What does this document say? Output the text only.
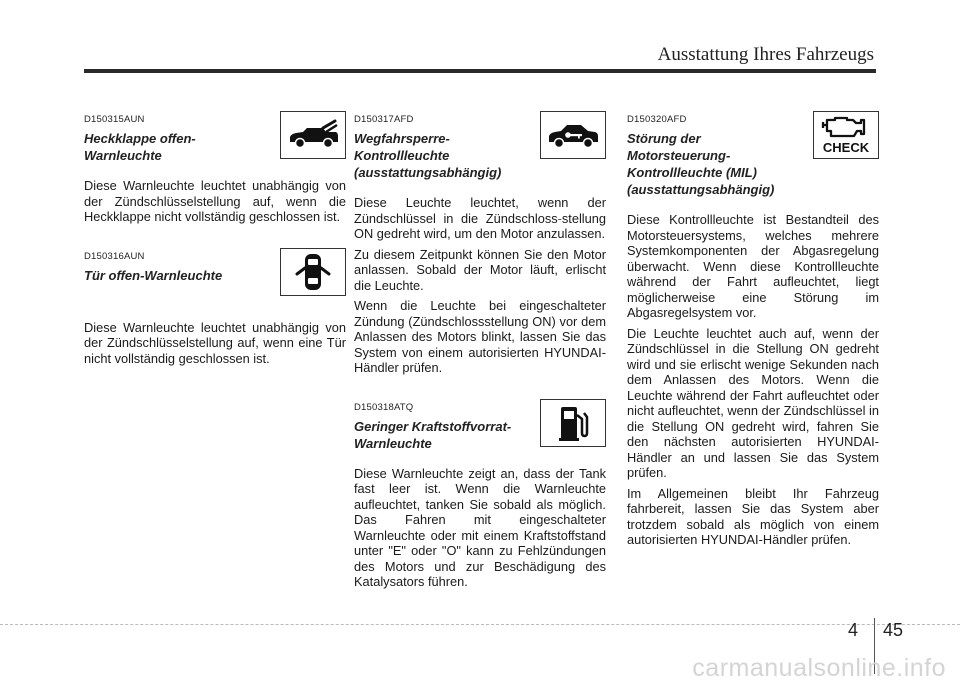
Ausstattung Ihres Fahrzeugs
D150315AUN
Heckklappe offen-
Warnleuchte

Diese Warnleuchte leuchtet unabhängig von der Zündschlüsselstellung auf, wenn die Heckklappe nicht vollständig geschlossen ist.

D150316AUN
Tür offen-Warnleuchte

Diese Warnleuchte leuchtet unabhängig von der Zündschlüsselstellung auf, wenn eine Tür nicht vollständig geschlossen ist.

D150317AFD
Wegfahrsperre-
Kontrollleuchte
(ausstattungsabhängig)

Diese Leuchte leuchtet, wenn der Zündschlüssel in die Zündschloss-stellung ON gedreht wird, um den Motor anzulassen.

Zu diesem Zeitpunkt können Sie den Motor anlassen. Sobald der Motor läuft, erlischt die Leuchte.

Wenn die Leuchte bei eingeschalteter Zündung (Zündschlossstellung ON) vor dem Anlassen des Motors blinkt, lassen Sie das System von einem autorisierten HYUNDAI-Händler prüfen.

D150318ATQ
Geringer Kraftstoffvorrat-
Warnleuchte

Diese Warnleuchte zeigt an, dass der Tank fast leer ist. Wenn die Warnleuchte aufleuchtet, tanken Sie sobald als möglich. Das Fahren mit eingeschalteter Warnleuchte oder mit einem Kraftstoffstand unter "E" oder "O" kann zu Fehlzündungen des Motors und zur Beschädigung des Katalysators führen.

D150320AFD
Störung der
Motorsteuerung-
Kontrollleuchte (MIL)
(ausstattungsabhängig)
CHECK

Diese Kontrollleuchte ist Bestandteil des Motorsteuersystems, welches mehrere Systemkomponenten der Abgasregelung überwacht. Wenn diese Kontrollleuchte während der Fahrt aufleuchtet, liegt möglicherweise eine Störung im Abgasregelsystem vor.

Die Leuchte leuchtet auch auf, wenn der Zündschlüssel in die Stellung ON gedreht wird und sie erlischt wenige Sekunden nach dem Anlassen des Motors. Wenn die Leuchte während der Fahrt aufleuchtet oder nicht aufleuchtet, wenn der Zündschlüssel in die Stellung ON gedreht wird, fahren Sie den nächsten autorisierten HYUNDAI-Händler an und lassen Sie das System prüfen.

Im Allgemeinen bleibt Ihr Fahrzeug fahrbereit, lassen Sie das System aber trotzdem sobald als möglich von einem autorisierten HYUNDAI-Händler prüfen.

4 45
carmanualsonline.info
